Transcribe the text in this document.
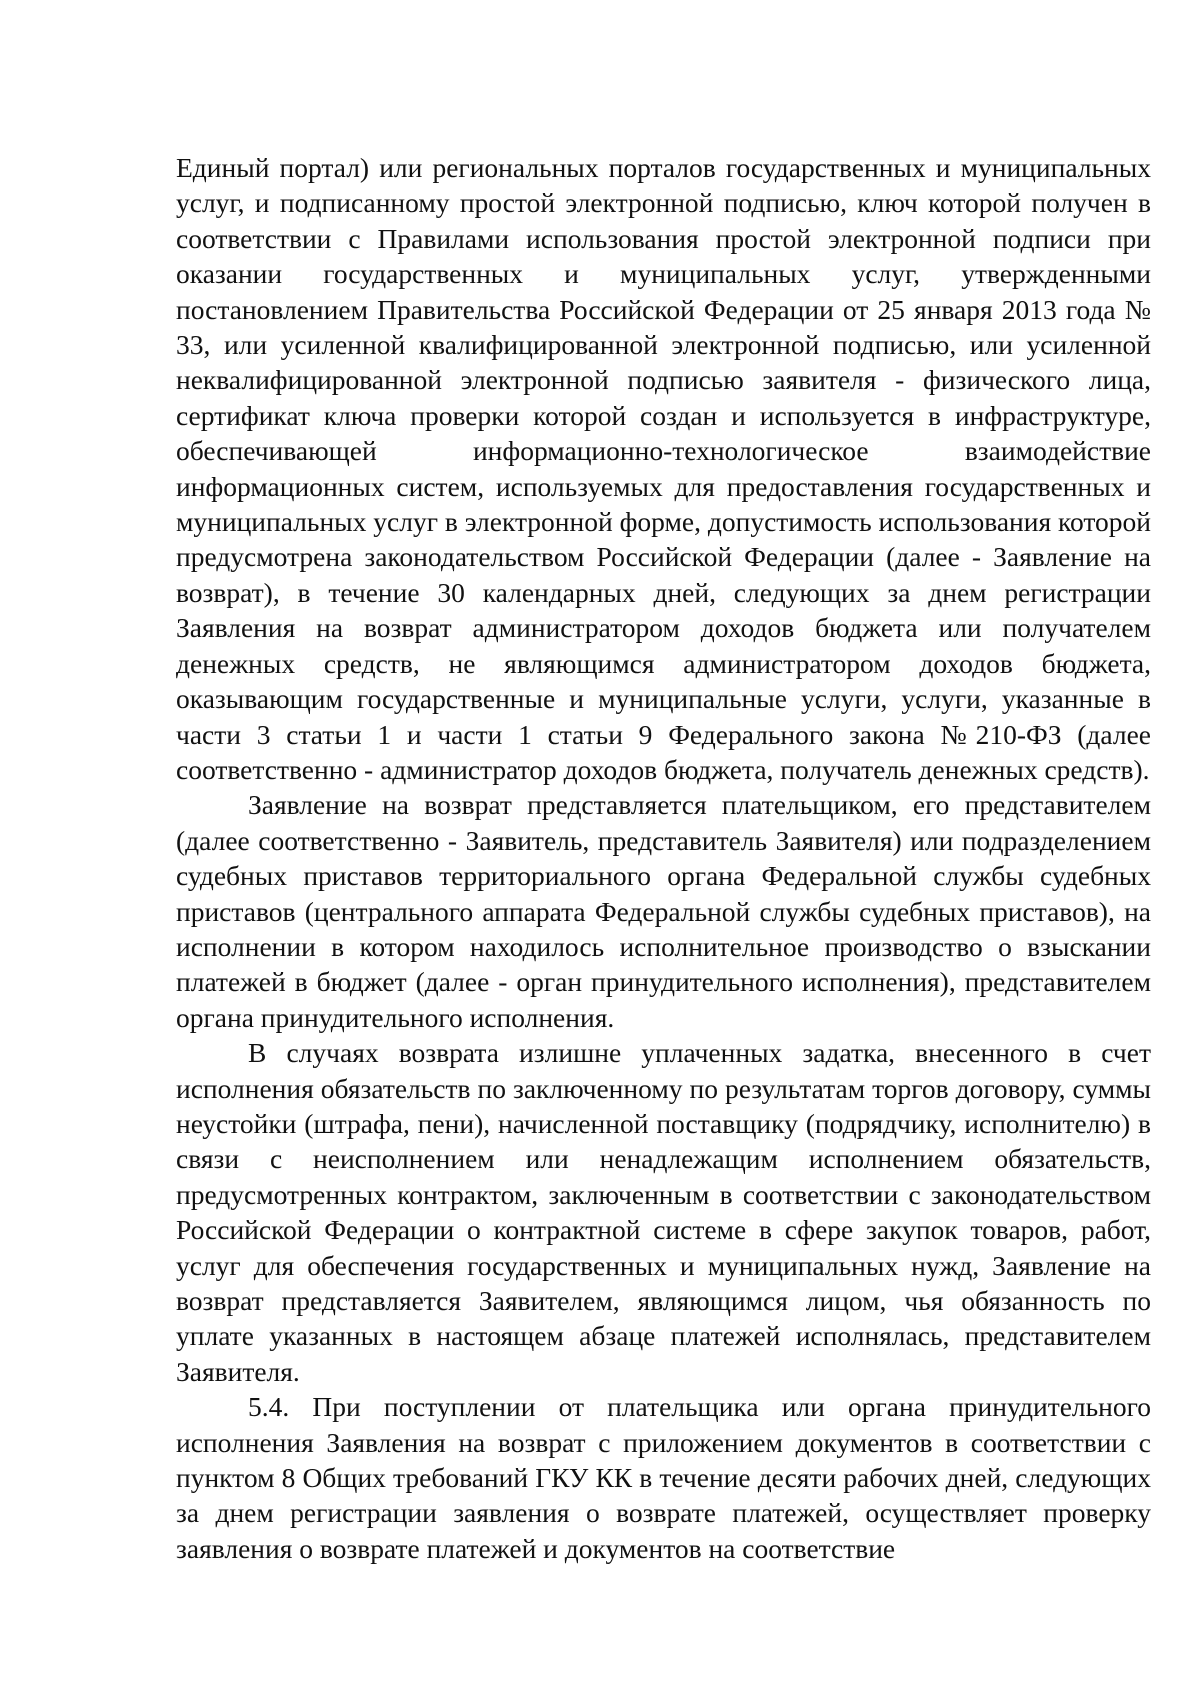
Единый портал) или региональных порталов государственных и муниципальных услуг, и подписанному простой электронной подписью, ключ которой получен в соответствии с Правилами использования простой электронной подписи при оказании государственных и муниципальных услуг, утвержденными постановлением Правительства Российской Федерации от 25 января 2013 года № 33, или усиленной квалифицированной электронной подписью, или усиленной неквалифицированной электронной подписью заявителя - физического лица, сертификат ключа проверки которой создан и используется в инфраструктуре, обеспечивающей информационно-технологическое взаимодействие информационных систем, используемых для предоставления государственных и муниципальных услуг в электронной форме, допустимость использования которой предусмотрена законодательством Российской Федерации (далее - Заявление на возврат), в течение 30 календарных дней, следующих за днем регистрации Заявления на возврат администратором доходов бюджета или получателем денежных средств, не являющимся администратором доходов бюджета, оказывающим государственные и муниципальные услуги, услуги, указанные в части 3 статьи 1 и части 1 статьи 9 Федерального закона №210-ФЗ (далее соответственно - администратор доходов бюджета, получатель денежных средств).

Заявление на возврат представляется плательщиком, его представителем (далее соответственно - Заявитель, представитель Заявителя) или подразделением судебных приставов территориального органа Федеральной службы судебных приставов (центрального аппарата Федеральной службы судебных приставов), на исполнении в котором находилось исполнительное производство о взыскании платежей в бюджет (далее - орган принудительного исполнения), представителем органа принудительного исполнения.

В случаях возврата излишне уплаченных задатка, внесенного в счет исполнения обязательств по заключенному по результатам торгов договору, суммы неустойки (штрафа, пени), начисленной поставщику (подрядчику, исполнителю) в связи с неисполнением или ненадлежащим исполнением обязательств, предусмотренных контрактом, заключенным в соответствии с законодательством Российской Федерации о контрактной системе в сфере закупок товаров, работ, услуг для обеспечения государственных и муниципальных нужд, Заявление на возврат представляется Заявителем, являющимся лицом, чья обязанность по уплате указанных в настоящем абзаце платежей исполнялась, представителем Заявителя.

5.4. При поступлении от плательщика или органа принудительного исполнения Заявления на возврат с приложением документов в соответствии с пунктом 8 Общих требований ГКУ КК в течение десяти рабочих дней, следующих за днем регистрации заявления о возврате платежей, осуществляет проверку заявления о возврате платежей и документов на соответствие
